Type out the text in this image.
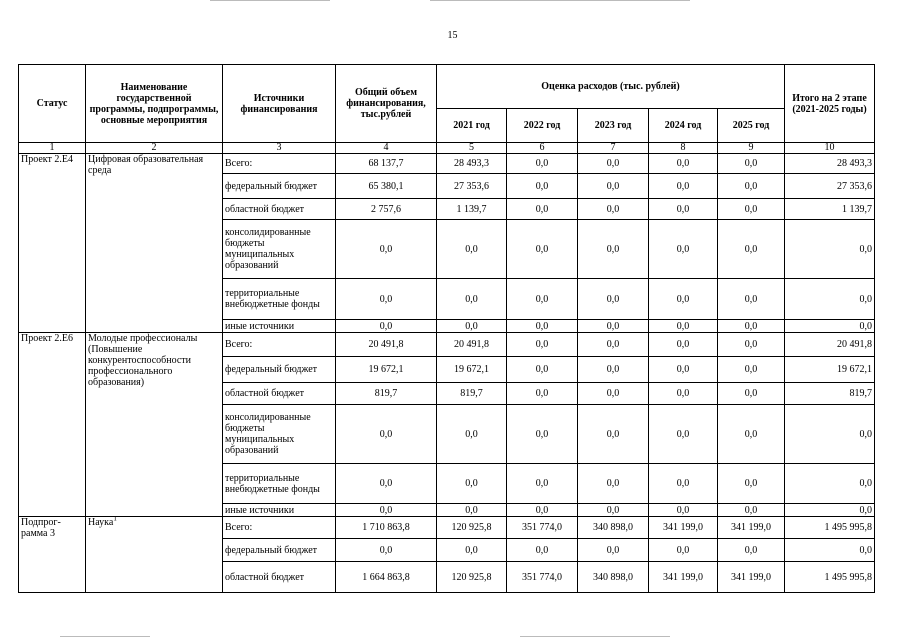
15
Статус	Наименование государственной программы, подпрограммы, основные мероприятия	Источники финансирования	Общий объем финансирования, тыс.рублей	Оценка расходов (тыс. рублей)					Итого на 2 этапе (2021-2025 годы)
				2021 год	2022 год	2023 год	2024 год	2025 год	
1	2	3	4	5	6	7	8	9	10
Проект 2.Е4	Цифровая образовательная среда	Всего:	68 137,7	28 493,3	0,0	0,0	0,0	0,0	28 493,3
		федеральный бюджет	65 380,1	27 353,6	0,0	0,0	0,0	0,0	27 353,6
		областной бюджет	2 757,6	1 139,7	0,0	0,0	0,0	0,0	1 139,7
		консолидированные бюджеты муниципальных образований	0,0	0,0	0,0	0,0	0,0	0,0	0,0
		территориальные внебюджетные фонды	0,0	0,0	0,0	0,0	0,0	0,0	0,0
		иные источники	0,0	0,0	0,0	0,0	0,0	0,0	0,0
Проект 2.Е6	Молодые профессионалы (Повышение конкурентоспособности профессионального образования)	Всего:	20 491,8	20 491,8	0,0	0,0	0,0	0,0	20 491,8
		федеральный бюджет	19 672,1	19 672,1	0,0	0,0	0,0	0,0	19 672,1
		областной бюджет	819,7	819,7	0,0	0,0	0,0	0,0	819,7
		консолидированные бюджеты муниципальных образований	0,0	0,0	0,0	0,0	0,0	0,0	0,0
		территориальные внебюджетные фонды	0,0	0,0	0,0	0,0	0,0	0,0	0,0
		иные источники	0,0	0,0	0,0	0,0	0,0	0,0	0,0
Подпрог-рамма 3	Наука$^1$	Всего:	1 710 863,8	120 925,8	351 774,0	340 898,0	341 199,0	341 199,0	1 495 995,8
		федеральный бюджет	0,0	0,0	0,0	0,0	0,0	0,0	0,0
		областной бюджет	1 664 863,8	120 925,8	351 774,0	340 898,0	341 199,0	341 199,0	1 495 995,8
